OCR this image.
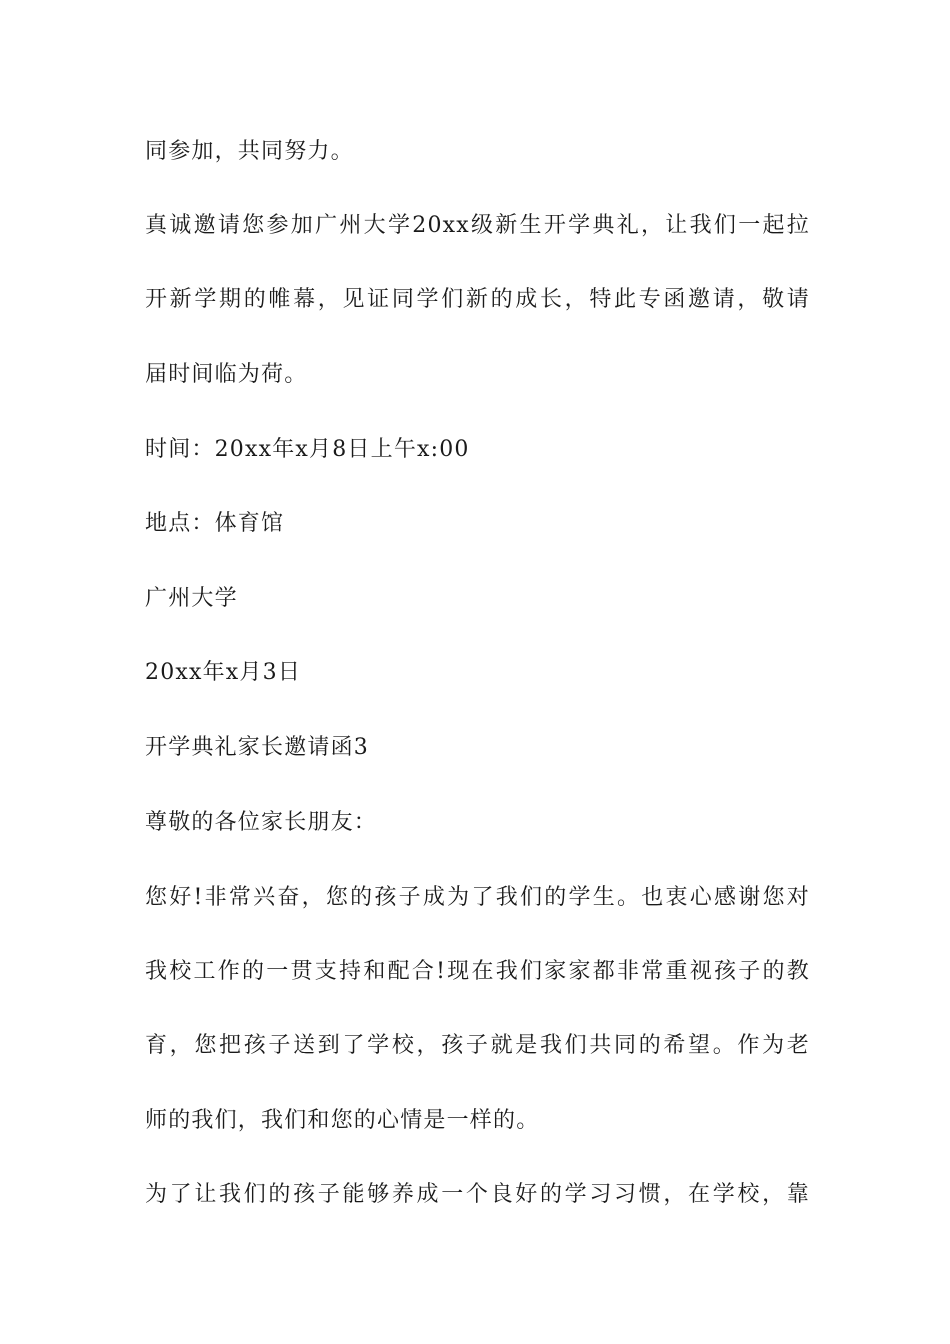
同参加，共同努力。

真诚邀请您参加广州大学20xx级新生开学典礼，让我们一起拉

开新学期的帷幕，见证同学们新的成长，特此专函邀请，敬请

届时间临为荷。

时间：20xx年x月8日上午x:00

地点：体育馆

广州大学

20xx年x月3日

开学典礼家长邀请函3

尊敬的各位家长朋友：

您好!非常兴奋，您的孩子成为了我们的学生。也衷心感谢您对

我校工作的一贯支持和配合!现在我们家家都非常重视孩子的教

育，您把孩子送到了学校，孩子就是我们共同的希望。作为老

师的我们，我们和您的心情是一样的。

为了让我们的孩子能够养成一个良好的学习习惯，在学校，靠
